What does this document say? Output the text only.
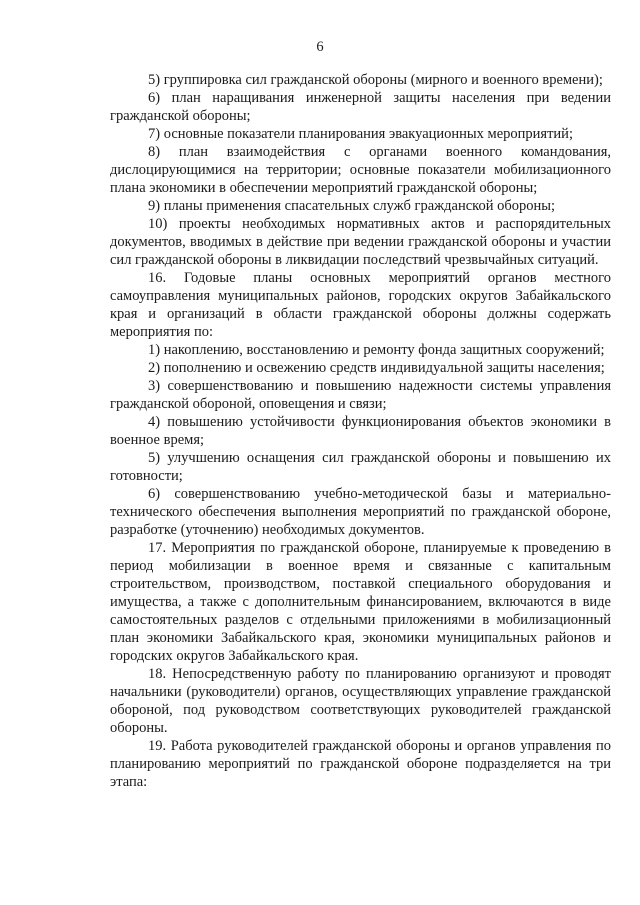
6

5) группировка сил гражданской обороны (мирного и военного времени);

6) план наращивания инженерной защиты населения при ведении гражданской обороны;

7) основные показатели планирования эвакуационных мероприятий;

8) план взаимодействия с органами военного командования, дислоцирующимися на территории; основные показатели мобилизационного плана экономики в обеспечении мероприятий гражданской обороны;

9) планы применения спасательных служб гражданской обороны;

10) проекты необходимых нормативных актов и распорядительных документов, вводимых в действие при ведении гражданской обороны и участии сил гражданской обороны в ликвидации последствий чрезвычайных ситуаций.

16. Годовые планы основных мероприятий органов местного самоуправления муниципальных районов, городских округов Забайкальского края и организаций в области гражданской обороны должны содержать мероприятия по:

1) накоплению, восстановлению и ремонту фонда защитных сооружений;

2) пополнению и освежению средств индивидуальной защиты населения;

3) совершенствованию и повышению надежности системы управления гражданской обороной, оповещения и связи;

4) повышению устойчивости функционирования объектов экономики в военное время;

5) улучшению оснащения сил гражданской обороны и повышению их готовности;

6) совершенствованию учебно-методической базы и материально-технического обеспечения выполнения мероприятий по гражданской обороне, разработке (уточнению) необходимых документов.

17. Мероприятия по гражданской обороне, планируемые к проведению в период мобилизации в военное время и связанные с капитальным строительством, производством, поставкой специального оборудования и имущества, а также с дополнительным финансированием, включаются в виде самостоятельных разделов с отдельными приложениями в мобилизационный план экономики Забайкальского края, экономики муниципальных районов и городских округов Забайкальского края.

18. Непосредственную работу по планированию организуют и проводят начальники (руководители) органов, осуществляющих управление гражданской обороной, под руководством соответствующих руководителей гражданской обороны.

19. Работа руководителей гражданской обороны и органов управления по планированию мероприятий по гражданской обороне подразделяется на три этапа:
